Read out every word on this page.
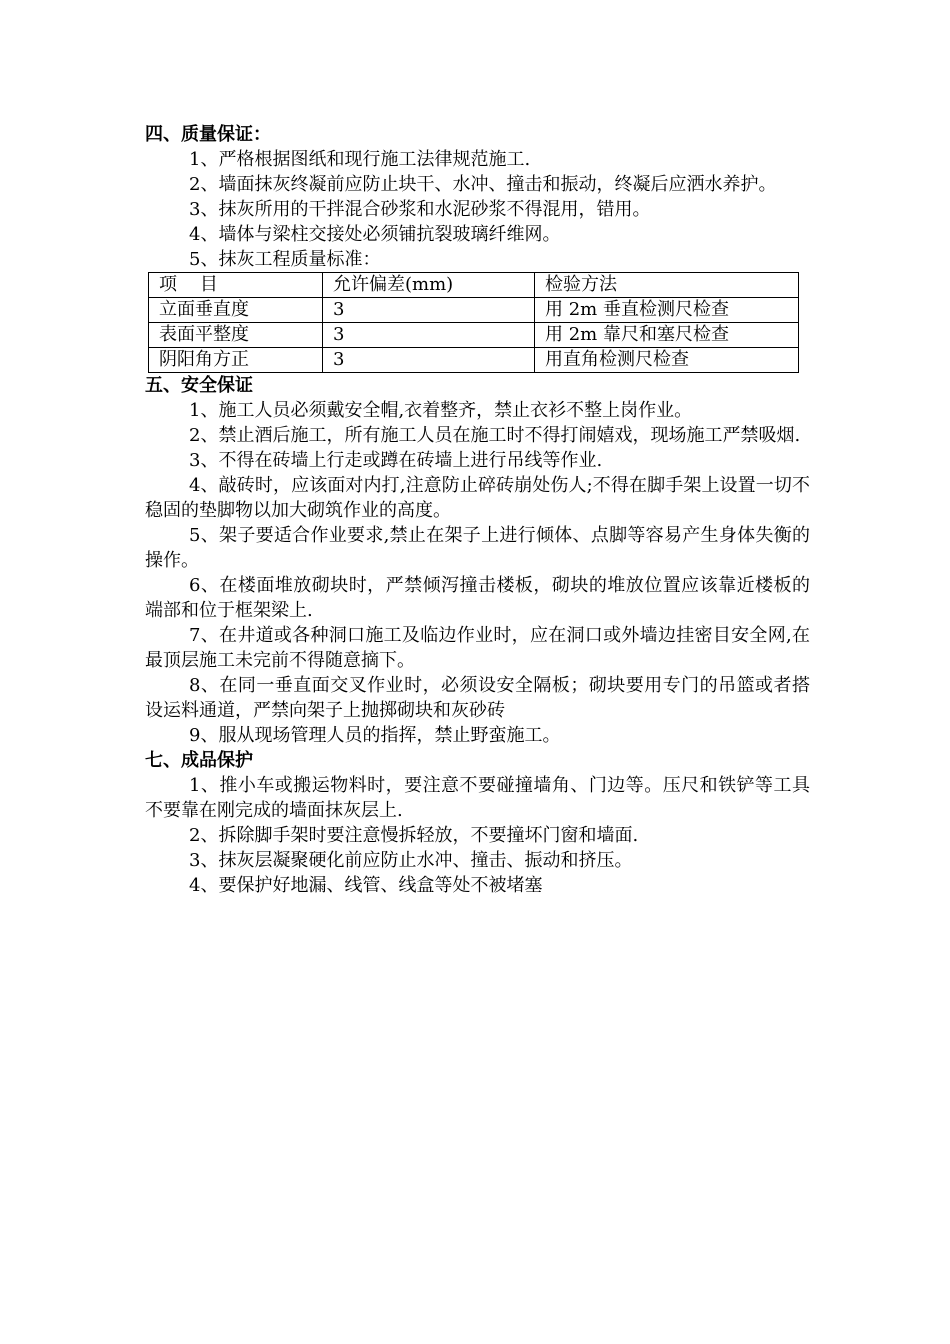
四、质量保证：

1、严格根据图纸和现行施工法律规范施工.

2、墙面抹灰终凝前应防止块干、水冲、撞击和振动，终凝后应洒水养护。

3、抹灰所用的干拌混合砂浆和水泥砂浆不得混用，错用。

4、墙体与梁柱交接处必须铺抗裂玻璃纤维网。

5、抹灰工程质量标准：

项    目	允许偏差(mm)	检验方法
立面垂直度	3	用 2m 垂直检测尺检查
表面平整度	3	用 2m 靠尺和塞尺检查
阴阳角方正	3	用直角检测尺检查
五、安全保证

1、施工人员必须戴安全帽,衣着整齐，禁止衣衫不整上岗作业。

2、禁止酒后施工，所有施工人员在施工时不得打闹嬉戏，现场施工严禁吸烟.

3、不得在砖墙上行走或蹲在砖墙上进行吊线等作业.

4、敲砖时，应该面对内打,注意防止碎砖崩处伤人;不得在脚手架上设置一切不稳固的垫脚物以加大砌筑作业的高度。

5、架子要适合作业要求,禁止在架子上进行倾体、点脚等容易产生身体失衡的操作。

6、在楼面堆放砌块时，严禁倾泻撞击楼板，砌块的堆放位置应该靠近楼板的端部和位于框架梁上.

7、在井道或各种洞口施工及临边作业时，应在洞口或外墙边挂密目安全网,在最顶层施工未完前不得随意摘下。

8、在同一垂直面交叉作业时，必须设安全隔板；砌块要用专门的吊篮或者搭设运料通道，严禁向架子上抛掷砌块和灰砂砖

9、服从现场管理人员的指挥，禁止野蛮施工。

七、成品保护

1、推小车或搬运物料时，要注意不要碰撞墙角、门边等。压尺和铁铲等工具不要靠在刚完成的墙面抹灰层上.

2、拆除脚手架时要注意慢拆轻放，不要撞坏门窗和墙面.

3、抹灰层凝聚硬化前应防止水冲、撞击、振动和挤压。

4、要保护好地漏、线管、线盒等处不被堵塞
